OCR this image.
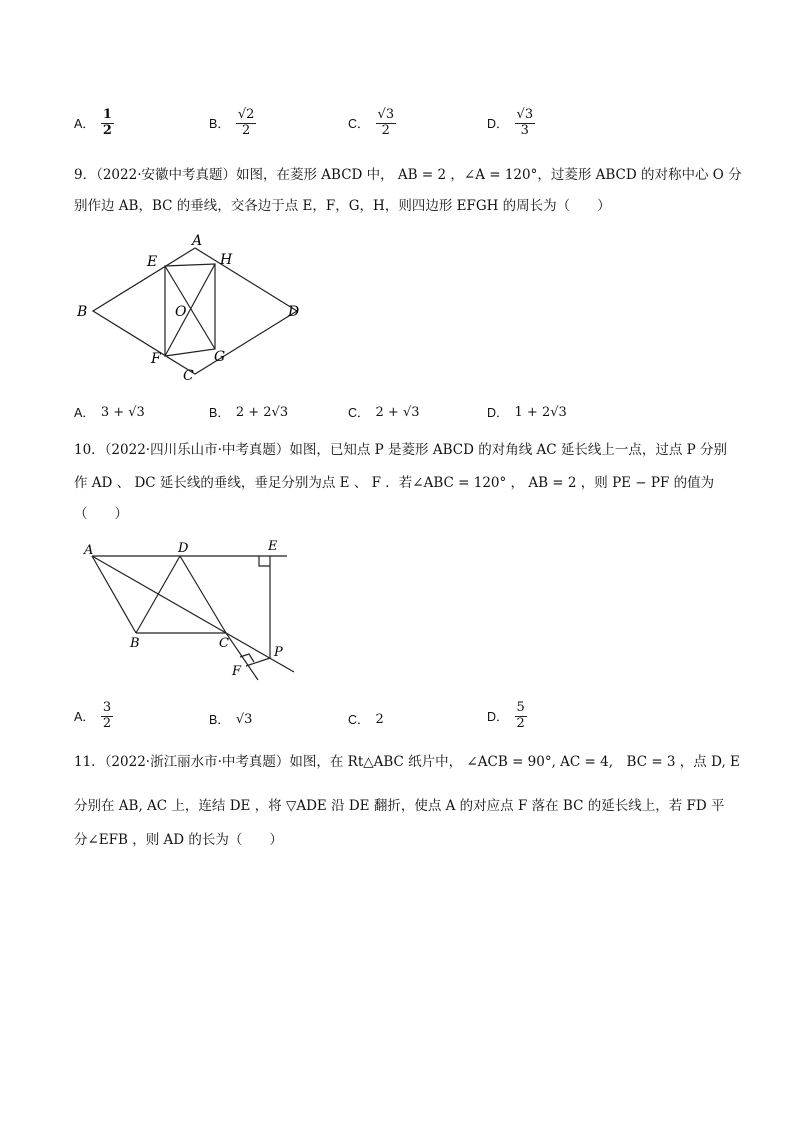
A． $\frac{1}{2}$	B． $\frac{√2}{2}$	C． $\frac{√3}{2}$	D． $\frac{√3}{3}$
9．（2022·安徽中考真题）如图，在菱形 ABCD 中， AB = 2 ，∠A = 120°，过菱形 ABCD 的对称中心 O 分
别作边 AB，BC 的垂线，交各边于点 E，F，G，H，则四边形 EFGH 的周长为（　　）
A
B
C
D
E
F	G
H
O
A． 3 + √3	B． 2 + 2√3	C． 2 + √3	D． 1 + 2√3
10．（2022·四川乐山市·中考真题）如图，已知点 P 是菱形 ABCD 的对角线 AC 延长线上一点，过点 P 分别
作 AD 、 DC 延长线的垂线，垂足分别为点 E 、 F ．若∠ABC = 120° ， AB = 2 ，则 PE − PF 的值为
（　　）
A	D	E
B	C
P
F
A． $\frac{3}{2}$	B． √3	C． 2	D． $\frac{5}{2}$
11．（2022·浙江丽水市·中考真题）如图，在 Rt△ABC 纸片中， ∠ACB = 90°, AC = 4,　BC = 3 ，点 D, E
分别在 AB, AC 上，连结 DE ，将 ▽ADE 沿 DE 翻折，使点 A 的对应点 F 落在 BC 的延长线上，若 FD 平
分∠EFB ，则 AD 的长为（　　）
